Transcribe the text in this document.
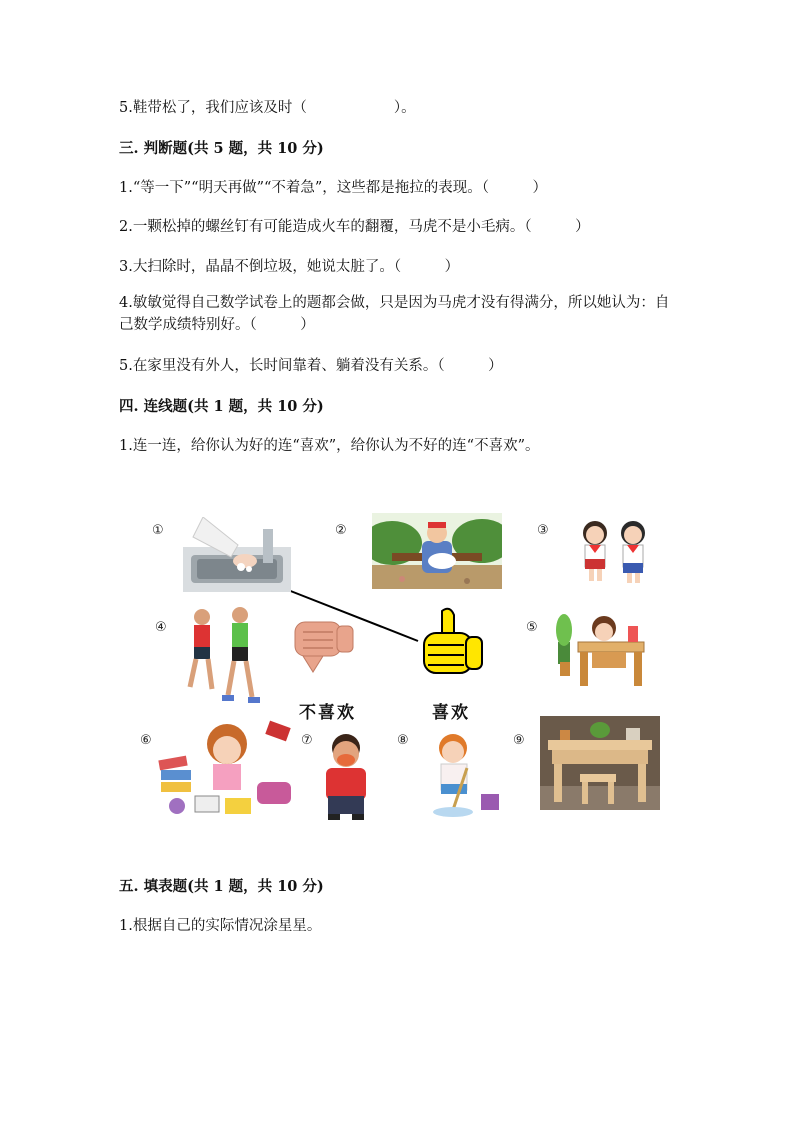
5.鞋带松了，我们应该及时（　　　　　　）。
三. 判断题(共 5 题，共 10 分)
1.“等一下”“明天再做”“不着急”，这些都是拖拉的表现。（　　　）
2.一颗松掉的螺丝钉有可能造成火车的翻覆，马虎不是小毛病。（　　　）
3.大扫除时，晶晶不倒垃圾，她说太脏了。（　　　）
4.敏敏觉得自己数学试卷上的题都会做，只是因为马虎才没有得满分，所以她认为：自己数学成绩特别好。（　　　）
5.在家里没有外人，长时间靠着、躺着没有关系。（　　　）
四. 连线题(共 1 题，共 10 分)
1.连一连，给你认为好的连“喜欢”，给你认为不好的连“不喜欢”。
①	②	③
④	⑤
不喜欢	喜欢
⑥	⑦	⑧	⑨
五. 填表题(共 1 题，共 10 分)
1.根据自己的实际情况涂星星。
